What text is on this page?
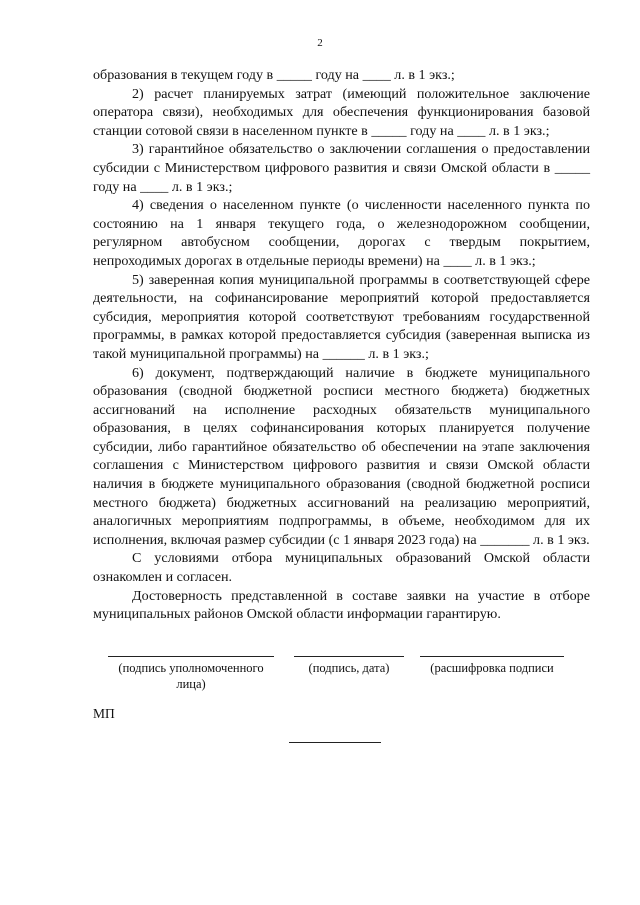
2

образования в текущем году в _____ году на ____ л. в 1 экз.;

2) расчет планируемых затрат (имеющий положительное заключение оператора связи), необходимых для обеспечения функционирования базовой станции сотовой связи в населенном пункте в _____ году на ____ л. в 1 экз.;

3) гарантийное обязательство о заключении соглашения о предоставлении субсидии с Министерством цифрового развития и связи Омской области в _____ году на ____ л. в 1 экз.;

4) сведения о населенном пункте (о численности населенного пункта по состоянию на 1 января текущего года, о железнодорожном сообщении, регулярном автобусном сообщении, дорогах с твердым покрытием, непроходимых дорогах в отдельные периоды времени) на ____ л. в 1 экз.;

5) заверенная копия муниципальной программы в соответствующей сфере деятельности, на софинансирование мероприятий которой предоставляется субсидия, мероприятия которой соответствуют требованиям государственной программы, в рамках которой предоставляется субсидия (заверенная выписка из такой муниципальной программы) на ______ л. в 1 экз.;

6) документ, подтверждающий наличие в бюджете муниципального образования (сводной бюджетной росписи местного бюджета) бюджетных ассигнований на исполнение расходных обязательств муниципального образования, в целях софинансирования которых планируется получение субсидии, либо гарантийное обязательство об обеспечении на этапе заключения соглашения с Министерством цифрового развития и связи Омской области наличия в бюджете муниципального образования (сводной бюджетной росписи местного бюджета) бюджетных ассигнований на реализацию мероприятий, аналогичных мероприятиям подпрограммы, в объеме, необходимом для их исполнения, включая размер субсидии (с 1 января 2023 года) на _______ л. в 1 экз.

С условиями отбора муниципальных образований Омской области ознакомлен и согласен.

Достоверность представленной в составе заявки на участие в отборе муниципальных районов Омской области информации гарантирую.

(подпись уполномоченного лица)
(подпись, дата)	(расшифровка подписи
МП
